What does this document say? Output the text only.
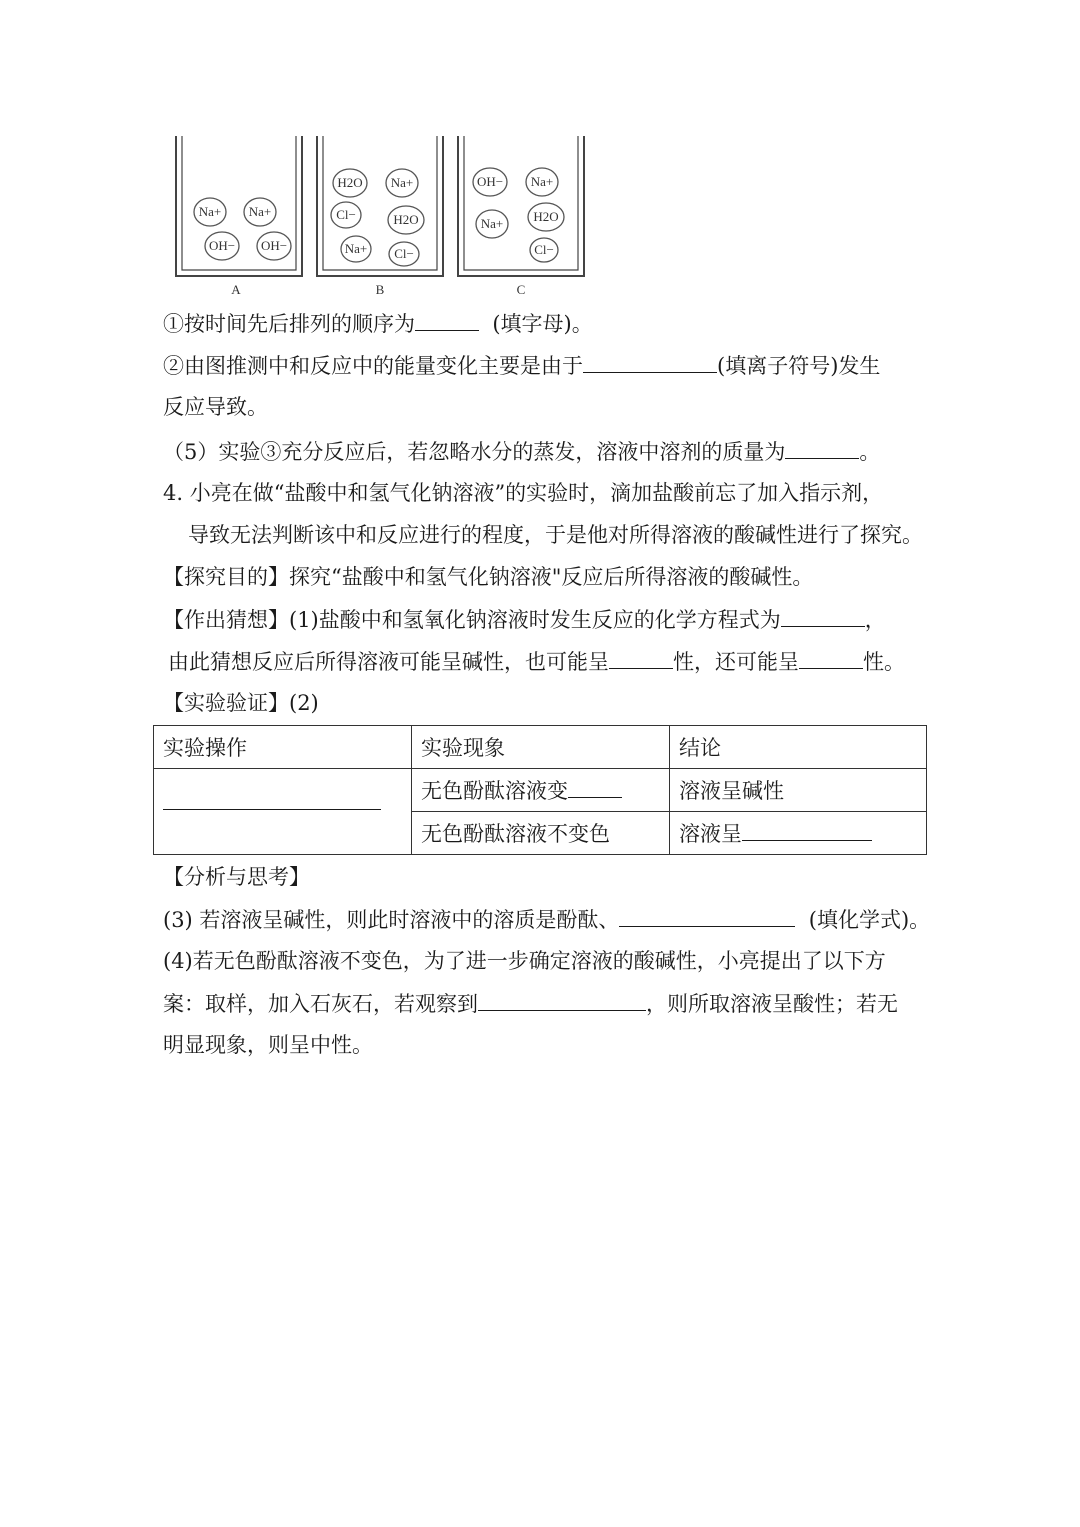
Na+ Na+
OH− OH−
H2O Na+
Cl−	H2O
Na+ Cl−
OH− Na+
Na+ H2O
Cl−
A	B	C
①按时间先后排列的顺序为	(填字母)。
②由图推测中和反应中的能量变化主要是由于	(填离子符号)发生
反应导致。
（5）实验③充分反应后，若忽略水分的蒸发，溶液中溶剂的质量为	。
4. 小亮在做“盐酸中和氢气化钠溶液”的实验时，滴加盐酸前忘了加入指示剂，
导致无法判断该中和反应进行的程度，于是他对所得溶液的酸碱性进行了探究。
【探究目的】探究“盐酸中和氢气化钠溶液"反应后所得溶液的酸碱性。
【作出猜想】(1)盐酸中和氢氧化钠溶液时发生反应的化学方程式为	，
由此猜想反应后所得溶液可能呈碱性，也可能呈	性，还可能呈	性。
【实验验证】(2)
实验操作	实验现象	结论
	无色酚酞溶液变	溶液呈碱性
	无色酚酞溶液不变色	溶液呈
【分析与思考】
(3) 若溶液呈碱性，则此时溶液中的溶质是酚酞、	(填化学式)。
(4)若无色酚酞溶液不变色，为了进一步确定溶液的酸碱性，小亮提出了以下方
案：取样，加入石灰石，若观察到	，则所取溶液呈酸性；若无
明显现象，则呈中性。
